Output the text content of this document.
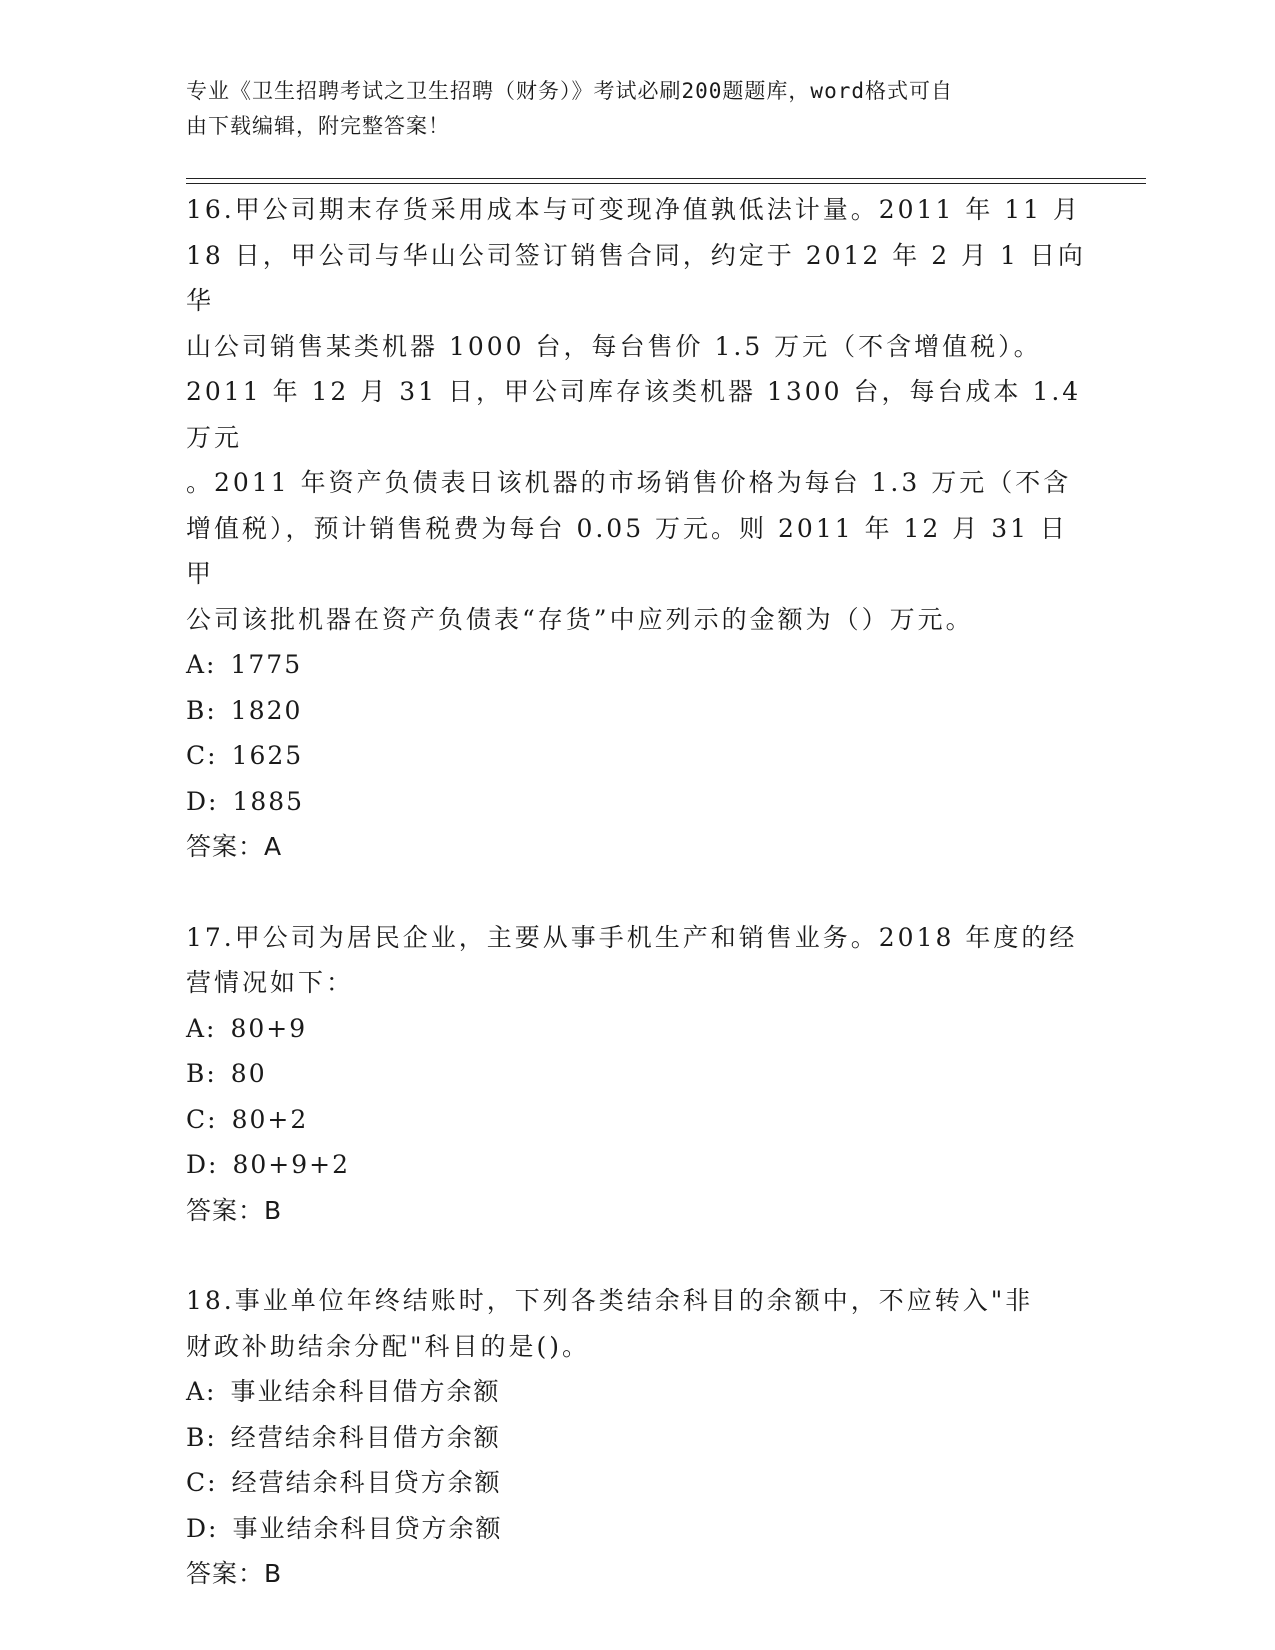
专业《卫生招聘考试之卫生招聘（财务）》考试必刷200题题库，word格式可自
由下载编辑，附完整答案！
16.甲公司期末存货采用成本与可变现净值孰低法计量。2011 年 11 月
18 日，甲公司与华山公司签订销售合同，约定于 2012 年 2 月 1 日向华
山公司销售某类机器 1000 台，每台售价 1.5 万元（不含增值税）。
2011 年 12 月 31 日，甲公司库存该类机器 1300 台，每台成本 1.4 万元
。2011 年资产负债表日该机器的市场销售价格为每台 1.3 万元（不含
增值税），预计销售税费为每台 0.05 万元。则 2011 年 12 月 31 日甲
公司该批机器在资产负债表“存货”中应列示的金额为（）万元。
A: 1775
B: 1820
C: 1625
D: 1885
答案：A
17.甲公司为居民企业，主要从事手机生产和销售业务。2018 年度的经
营情况如下：
A: 80+9
B: 80
C: 80+2
D: 80+9+2
答案：B
18.事业单位年终结账时，下列各类结余科目的余额中，不应转入"非
财政补助结余分配"科目的是()。
A: 事业结余科目借方余额
B: 经营结余科目借方余额
C: 经营结余科目贷方余额
D: 事业结余科目贷方余额
答案：B
